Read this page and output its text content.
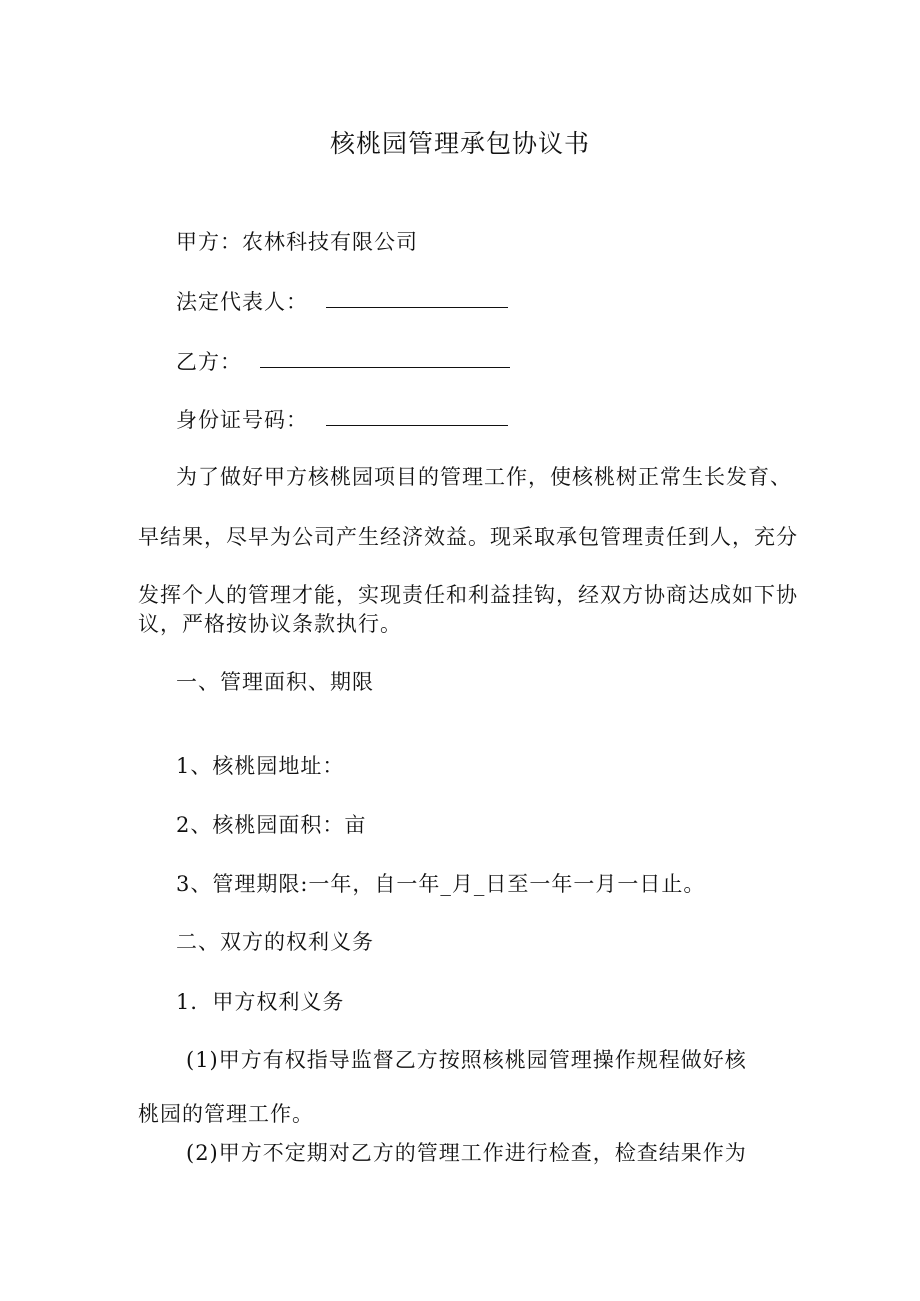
核桃园管理承包协议书
甲方：农林科技有限公司
法定代表人：
乙方：
身份证号码：
为了做好甲方核桃园项目的管理工作，使核桃树正常生长发育、
早结果，尽早为公司产生经济效益。现采取承包管理责任到人，充分
发挥个人的管理才能，实现责任和利益挂钩，经双方协商达成如下协
议，严格按协议条款执行。
一、管理面积、期限
1、核桃园地址：
2、核桃园面积：亩
3、管理期限:一年，自一年_月_日至一年一月一日止。
二、双方的权利义务
1．甲方权利义务
(1)甲方有权指导监督乙方按照核桃园管理操作规程做好核
桃园的管理工作。
(2)甲方不定期对乙方的管理工作进行检查，检查结果作为
